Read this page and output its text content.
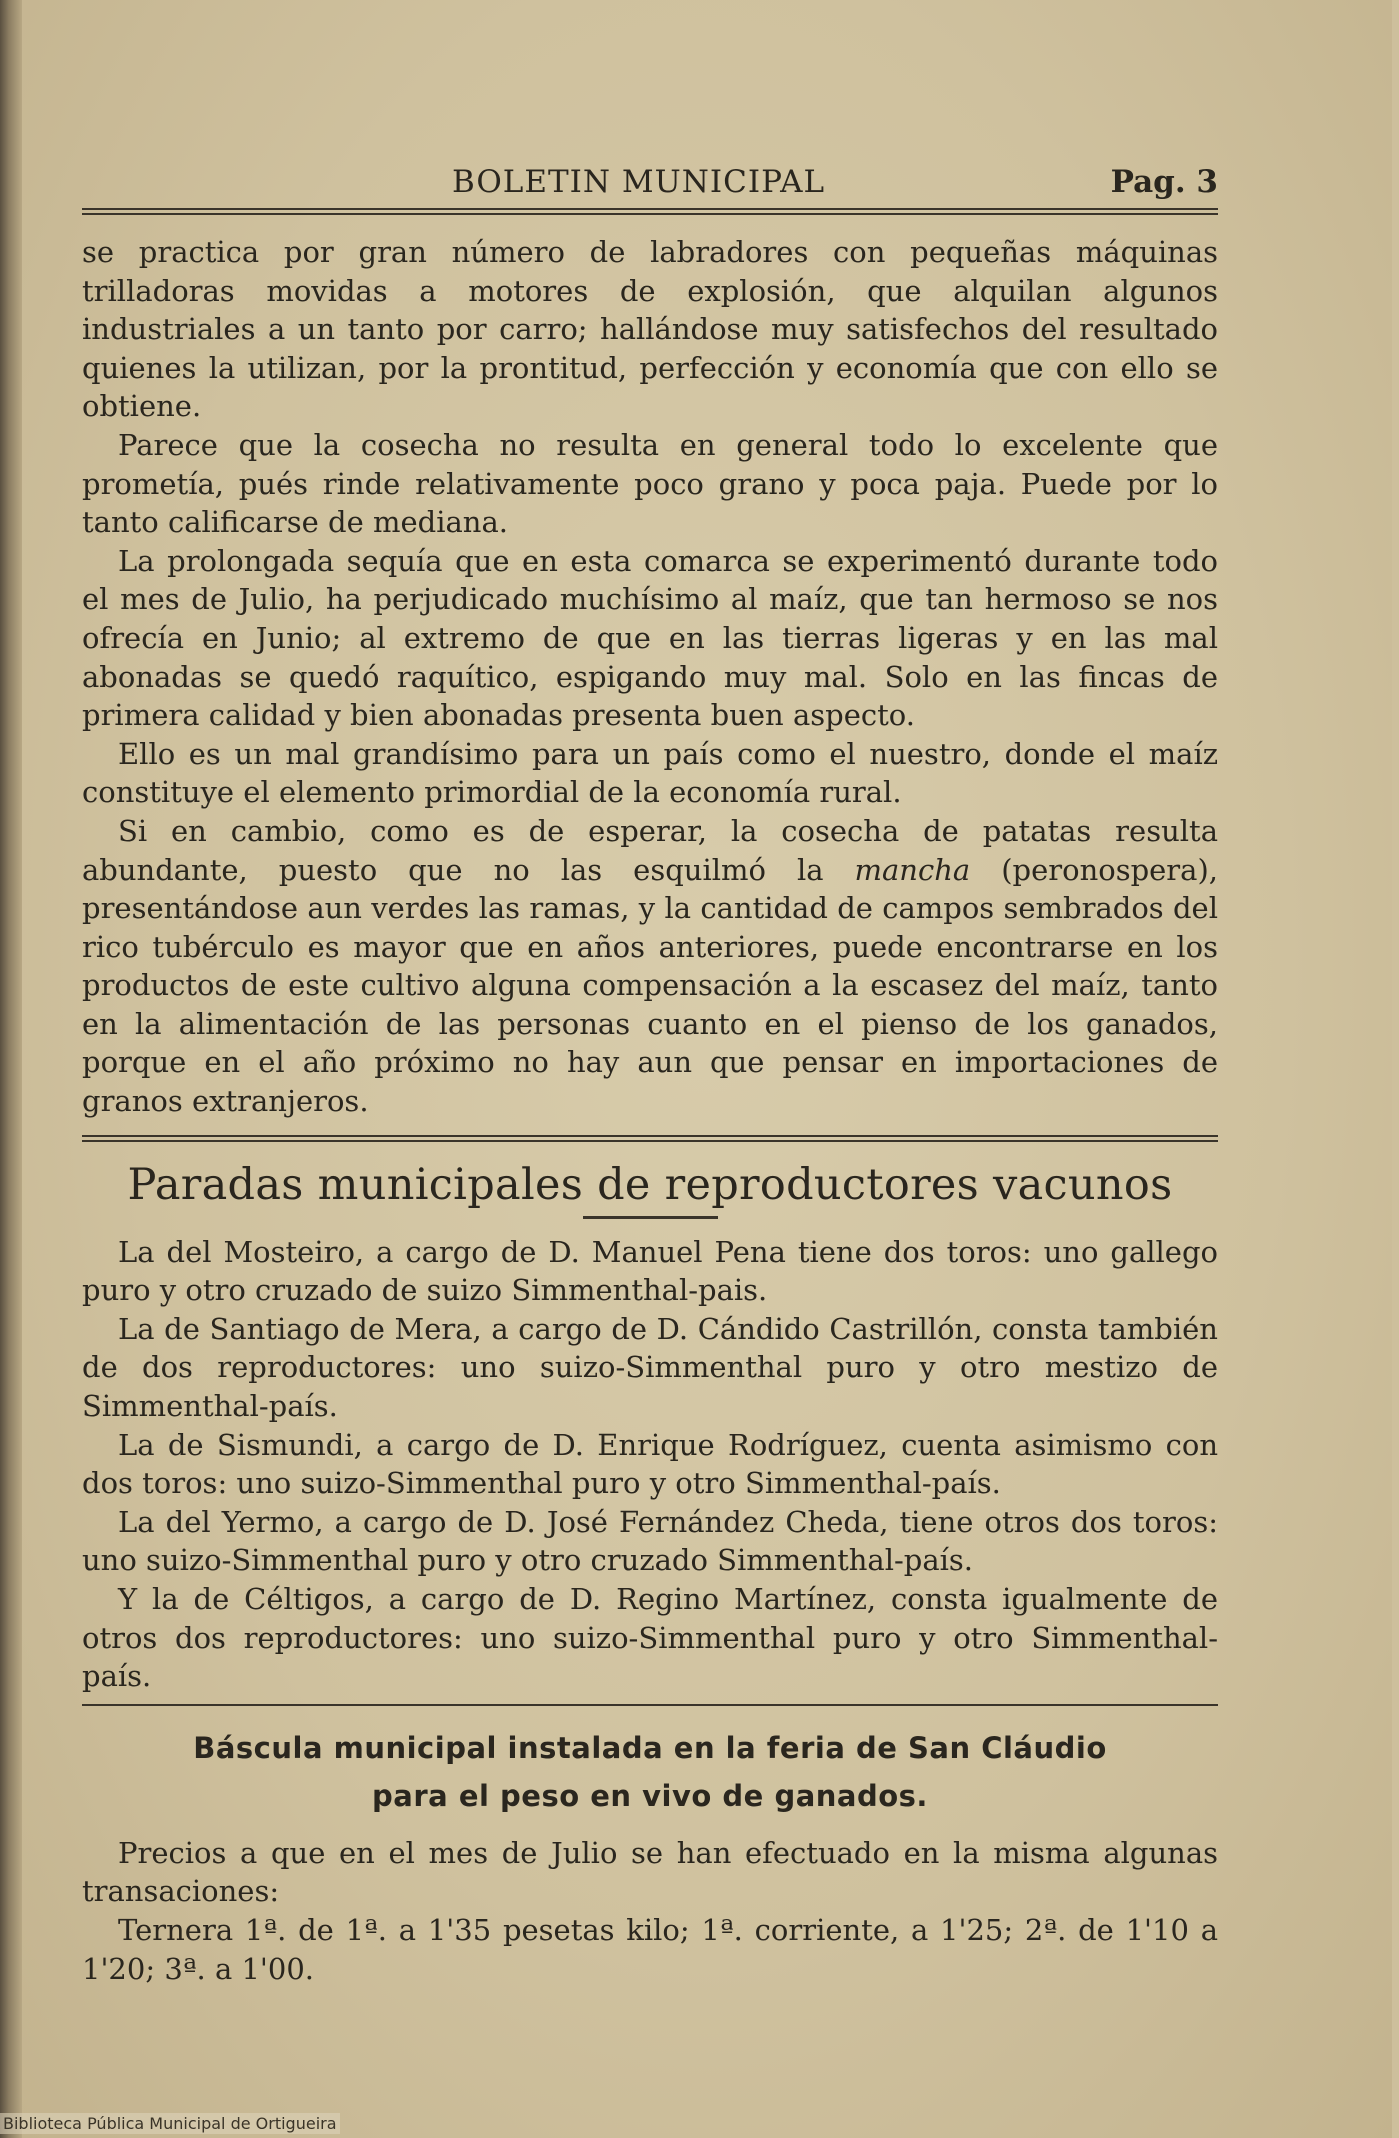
BOLETIN MUNICIPAL	Pag. 3

se practica por gran número de labradores con pequeñas máquinas trilladoras movidas a motores de explosión, que alquilan algunos industriales a un tanto por carro; hallándose muy satisfechos del resultado quienes la utilizan, por la prontitud, perfección y economía que con ello se obtiene.

Parece que la cosecha no resulta en general todo lo excelente que prometía, pués rinde relativamente poco grano y poca paja. Puede por lo tanto calificarse de mediana.

La prolongada sequía que en esta comarca se experimentó durante todo el mes de Julio, ha perjudicado muchísimo al maíz, que tan hermoso se nos ofrecía en Junio; al extremo de que en las tierras ligeras y en las mal abonadas se quedó raquítico, espigando muy mal. Solo en las fincas de primera calidad y bien abonadas presenta buen aspecto.

Ello es un mal grandísimo para un país como el nuestro, donde el maíz constituye el elemento primordial de la economía rural.

Si en cambio, como es de esperar, la cosecha de patatas resulta abundante, puesto que no las esquilmó la mancha (peronospera), presentándose aun verdes las ramas, y la cantidad de campos sembrados del rico tubérculo es mayor que en años anteriores, puede encontrarse en los productos de este cultivo alguna compensación a la escasez del maíz, tanto en la alimentación de las personas cuanto en el pienso de los ganados, porque en el año próximo no hay aun que pensar en importaciones de granos extranjeros.

Paradas municipales de reproductores vacunos

La del Mosteiro, a cargo de D. Manuel Pena tiene dos toros: uno gallego puro y otro cruzado de suizo Simmenthal-pais.

La de Santiago de Mera, a cargo de D. Cándido Castrillón, consta también de dos reproductores: uno suizo-Simmenthal puro y otro mestizo de Simmenthal-país.

La de Sismundi, a cargo de D. Enrique Rodríguez, cuenta asimismo con dos toros: uno suizo-Simmenthal puro y otro Simmenthal-país.

La del Yermo, a cargo de D. José Fernández Cheda, tiene otros dos toros: uno suizo-Simmenthal puro y otro cruzado Simmenthal-país.

Y la de Céltigos, a cargo de D. Regino Martínez, consta igualmente de otros dos reproductores: uno suizo-Simmenthal puro y otro Simmenthal-país.

Báscula municipal instalada en la feria de San Cláudio
para el peso en vivo de ganados.

Precios a que en el mes de Julio se han efectuado en la misma algunas transaciones:

Ternera 1ª. de 1ª. a 1'35 pesetas kilo; 1ª. corriente, a 1'25; 2ª. de 1'10 a 1'20; 3ª. a 1'00.

Biblioteca Pública Municipal de Ortigueira
